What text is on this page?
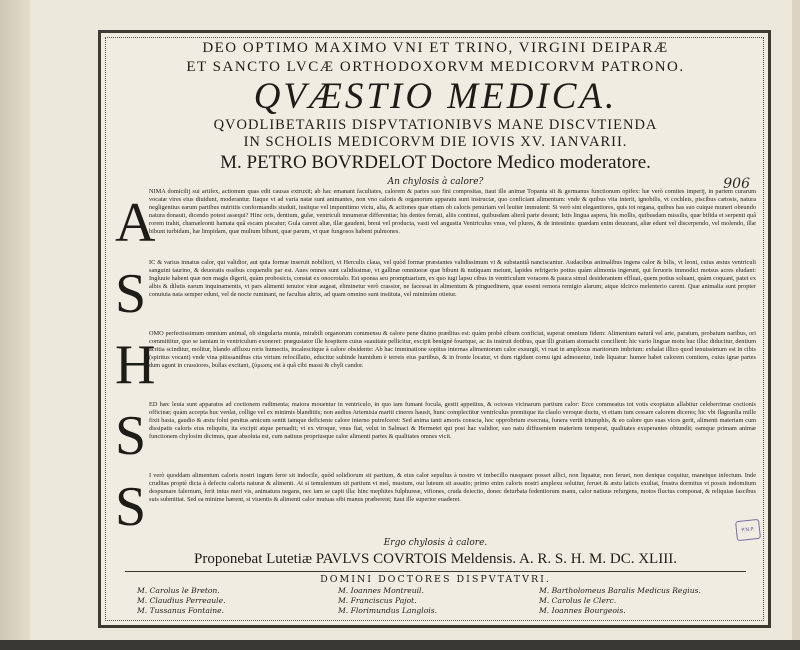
DEO OPTIMO MAXIMO VNI ET TRINO, VIRGINI DEIPARÆ

ET SANCTO LVCÆ ORTHODOXORVM MEDICORVM PATRONO.

QVÆSTIO MEDICA.

QVODLIBETARIIS DISPVTATIONIBVS MANE DISCVTIENDA

IN SCHOLIS MEDICORVM DIE IOVIS XV. IANVARII.

M. PETRO BOVRDELOT Doctore Medico moderatore.

An chylosis à calore?	906
A
NIMA domicilij sui artifex, actionum quas edit causas extruxit; ab hac emanant facultates, calorem & partes suo fini compositas, itaut ille animæ Topanta sit & germanus functionum opifex: hæ verò comites imperij, in partem curarum vocatæ vires eius diuidunt, moderantur. Itaque vt ad varia natæ sunt animantes, non vno caloris & organorum apparatu sunt instructæ, quo conficiant alimentum: vnde & quibus vita interit, ignobilis, vt cochleis, piscibus cætosis, natura negligentius earum partibus nutritiis conformandis studuit, iusitque vel impunitimo victu, alia, & actiones quæ etiam ob caloris penuriam vel leuiter immutent: Si verò sint elegantiores, quis tot organa, quibus has suo cuique muneri obeundo natura donauit, dicendo potest assequi? Hinc oris, dentium, gulæ, ventriculi innumeræ differentiæ; his dentes ferrati, aliis continui, quibusdam alterâ parte desunt; Istis lingua aspera, his mollis, quibusdam missilis, quæ bifida et serpenti quâ rorem trahit, chamæleonti hamata quâ escam piscatur; Gula carent aliæ, illæ gaudent, breui vel producta, vasti vel angustia Ventriculus vnus, vel plures, & de intestinis: quædam enim deuorant, aliæ edunt vel discerpendo, vel molendo, illæ bibunt turbidam, hæ limpidam, quæ multum bibunt, quæ parum, vt quæ fungosos habent pulmones.
S
IC & varius innatus calor, qui validior, aut quia formæ inseruit nobiliori, vt Herculis claua, vel quòd formæ præstantes validissimum vi & substantiâ nanciscantur. Audacibus animalibus ingens calor & bilis, vt leoni, cuius æstus ventriculi sanguini taurino, & deuoratis ossibus coquendis par est. Aues omnes sunt calidissimæ, vt gallinæ omniuoræ quæ bibunt & nutiquam meiunt, lapides refrigerio potius quàm alimonia ingerunt, qui feruoris immodici motsus acres eludant: Ingluuie habent quæ non magis digerit, quàm probosicis, constat ex onocrotalo. Est sponsa seu promptuarium, ex quo iugi lapsu cibus in ventriculum voracem & pauca simul desiderantem effluat, quem potius soluant, quàm coquant, patet ex albis & dilutis earum inquinamentis, vt pars alimenti tenuior viræ augeat, eliminetur verò crassior, ne facessat in alimentum & pinguedinem, quæ essent remora remigio alarum; atque idcirco melenterio carent. Quæ animalia sunt propter conuiuia nata semper edunt, vel de nocte ruminant, ne facultas altrix, ad quam omnino sunt instituta, vel minimùm otietur.
H
OMO perfectissimum omnium animal, ob singularia munia, mirabili organorum commensu & calore pene diuino præditus est: quàm probè cibum conficiat, superat omnium fidem: Alimentum naturâ vel arte, paratum, probatum naribus, ori committitur, quo se iamiam in ventriculum exoneret: prægustator ille hospitem cuius suauitate pellicitur, excipit benignè fouetque, ac iis instruit dotibus, quæ illi gratiam stomachi concilient: hic vario linguæ motu huc illuc diducitur, dentium acritia scinditur, molitur, blando affluxu roris humectis, incalescitque à calore obsidente: Ab hac imminatione sopitus internas alimentorum calor exsurgit, vt ruat in amplexus maritorum imbrium: exhalat illico quod tenuissimum est in cibis (spiritus vocant) vnde vina pitissantibus cita virium refocillatio, educitur subinde humidum è terreis eius partibus, & in fronte locatur, vt dum rigidum cornu igni admouetur, inde liquatur: humor habet calorem comitem, cuius ignæ partes dum agunt in crassiores, bullas excitant, ζύμωσις est à quâ cibi massi & chyli candor.
S
ED hæc leuia sunt apparatus ad coctionem rudimenta; maiora mouentur in ventriculo, in quo iam fumant focula, gestit appetitus, & ociosus vicinarum partium calor: Ecce commeatus tot votis exoptatus allabitur celeberrimæ coctionis officinæ; quàm accepta huc venlat, collige vel ex minimis blanditiis; non audius Artemisia mariti cineres hausit, hunc complectitur ventriculus premitque ita claulo veroque ductu, vt etiam tum cessare calorem diceres; hic vbi flagranlia mille fixit basia, gaudio & æstu folui penitus amicum sentit iamque deficiente calore interno putrefceret: Sed anima tanti amoris conscia, hoc opprobrium execrata, funera vertit triumphis, & eo calore quo suas vices gerit, alimenti materiam cum dissipatis caloris eius reliquiis, ita excipit atque peruadit; vt ex vtroque, vnus fiat, velut in Salmaci & Hermetei qui post hac validior, suo natu diffusentem materiem temperat, qualitates exuperantes obtundit; eamque primam animæ functionem chylosim dicimus, quæ absoluta est, cum natiuus propriusque calor alimenti partes & qualitates omnes vicit.
S
I verò quoddam alimentum caloris nostri iugum ferre sit indocile, quòd solidiorum sit partium, & eius calor sepultus à nostro vt imbecillo nusquam posset allici, non liquatur, non feruet, non denique coquitur, manetque infectum. Inde cruditas proptè dicta à defectu caloris naturæ & alimenti. At si temulentum sit partium vt mel, mustum, oui luteum sit assatio; primo enim caloris nostri amplexu soluitur, feruet & æstu laticis exultat, frustra dormitus vt possis indomitum despumare falernum, ferit intus meri vis, animatura negans, nec iam se capit illa: hinc mephites fulphureæ, vifiones, cruda deiectio, donec deturbata fedentiorum manu, calor natiuus refurgens, motos fluctus componat, & reliquias fascibus suis submittat. Sed ea minime hærent, si viuentis & alimenti calor mutuas sibi manus præberent; itaut ille superior euaderet.

Ergo chylosis à calore.

Proponebat Lutetiæ PAVLVS COVRTOIS Meldensis. A. R. S. H. M. DC. XLIII.

DOMINI DOCTORES DISPVTATVRI.

M. Carolus le Breton.	M. Ioannes Montreuil.	M. Bartholomeus Baralis Medicus Regius.
M. Claudius Perreaule.	M. Franciscus Pajot.	M. Carolus le Clerc.
M. Tussanus Fontaine.	M. Florimundus Langlois.	M. Ioannes Bourgeois.
P.N.P.
